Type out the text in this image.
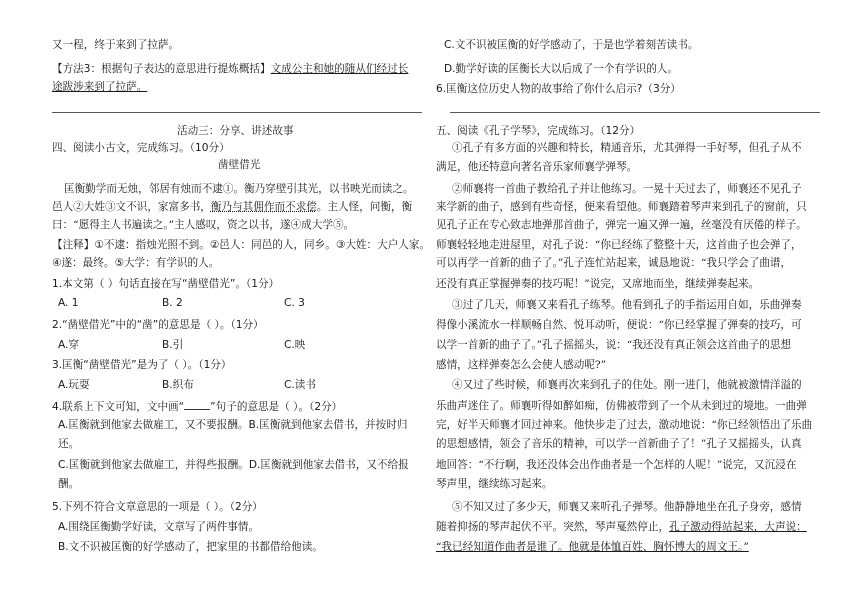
又一程，终于来到了拉萨。
【方法3：根据句子表达的意思进行提炼概括】文成公主和她的随从们经过长
途跋涉来到了拉萨。
活动三：分享、讲述故事
四、阅读小古文，完成练习。（10分）
凿壁借光
匡衡勤学而无烛，邻居有烛而不逮①。衡乃穿壁引其光，以书映光而读之。
邑人②大姓③文不识，家富多书，衡乃与其佣作而不求偿。主人怪，问衡，衡
曰：“愿得主人书遍读之。”主人感叹，资之以书，遂④成大学⑤。
【注释】①不逮：指烛光照不到。②邑人：同邑的人，同乡。③大姓：大户人家。
④遂：最终。⑤大学：有学识的人。
1.本文第（ ）句话直接在写“凿壁借光”。（1分）
A. 1	B. 2	C. 3
2.“凿壁借光”中的“凿”的意思是（ ）。（1分）
A.穿	B.引	C.映
3.匡衡“凿壁借光”是为了（ ）。（1分）
A.玩耍	B.织布	C.读书
4.联系上下文可知，文中画“ ”句子的意思是（ ）。（2分）
A.匡衡就到他家去做雇工，又不要报酬。B.匡衡就到他家去借书，并按时归
还。
C.匡衡就到他家去做雇工，并得些报酬。D.匡衡就到他家去借书，又不给报
酬。
5.下列不符合文章意思的一项是（ ）。（2分）
A.围绕匡衡勤学好读，文章写了两件事情。
B.文不识被匡衡的好学感动了，把家里的书都借给他读。
C.文不识被匡衡的好学感动了，于是也学着刻苦读书。
D.勤学好读的匡衡长大以后成了一个有学识的人。
6.匡衡这位历史人物的故事给了你什么启示?（3分）
五、阅读《孔子学琴》，完成练习。（12分）
①孔子有多方面的兴趣和特长，精通音乐，尤其弹得一手好琴，但孔子从不
满足，他还特意向著名音乐家师襄学弹琴。
②师襄将一首曲子教给孔子并让他练习。一晃十天过去了，师襄还不见孔子
来学新的曲子，感到有些奇怪，便来看望他。师襄踏着琴声来到孔子的窗前，只
见孔子正在专心致志地弹那首曲子，弹完一遍又弹一遍，丝毫没有厌倦的样子。
师襄轻轻地走进屋里，对孔子说：“你已经练了整整十天，这首曲子也会弹了，
可以再学一首新的曲子了。”孔子连忙站起来，诚恳地说：“我只学会了曲谱，
还没有真正掌握弹奏的技巧呢！”说完，又席地而坐，继续弹奏起来。
③过了几天，师襄又来看孔子练琴。他看到孔子的手指运用自如，乐曲弹奏
得像小溪流水一样顺畅自然、悦耳动听，便说：“你已经掌握了弹奏的技巧，可
以学一首新的曲子了。”孔子摇摇头，说：“我还没有真正领会这首曲子的思想
感情，这样弹奏怎么会使人感动呢?”
④又过了些时候，师襄再次来到孔子的住处。刚一进门，他就被激情洋溢的
乐曲声迷住了。师襄听得如醉如痴，仿佛被带到了一个从未到过的境地。一曲弹
完，好半天师襄才回过神来。他快步走了过去，激动地说：“你已经领悟出了乐曲
的思想感情，领会了音乐的精神，可以学一首新曲子了！”孔子又摇摇头，认真
地回答：“不行啊，我还没体会出作曲者是一个怎样的人呢！”说完，又沉浸在
琴声里，继续练习起来。
⑤不知又过了多少天，师襄又来听孔子弹琴。他静静地坐在孔子身旁，感情
随着抑扬的琴声起伏不平。突然，琴声戛然停止，孔子激动得站起来，大声说：
“我已经知道作曲者是谁了。他就是体恤百姓、胸怀博大的周文王。”
